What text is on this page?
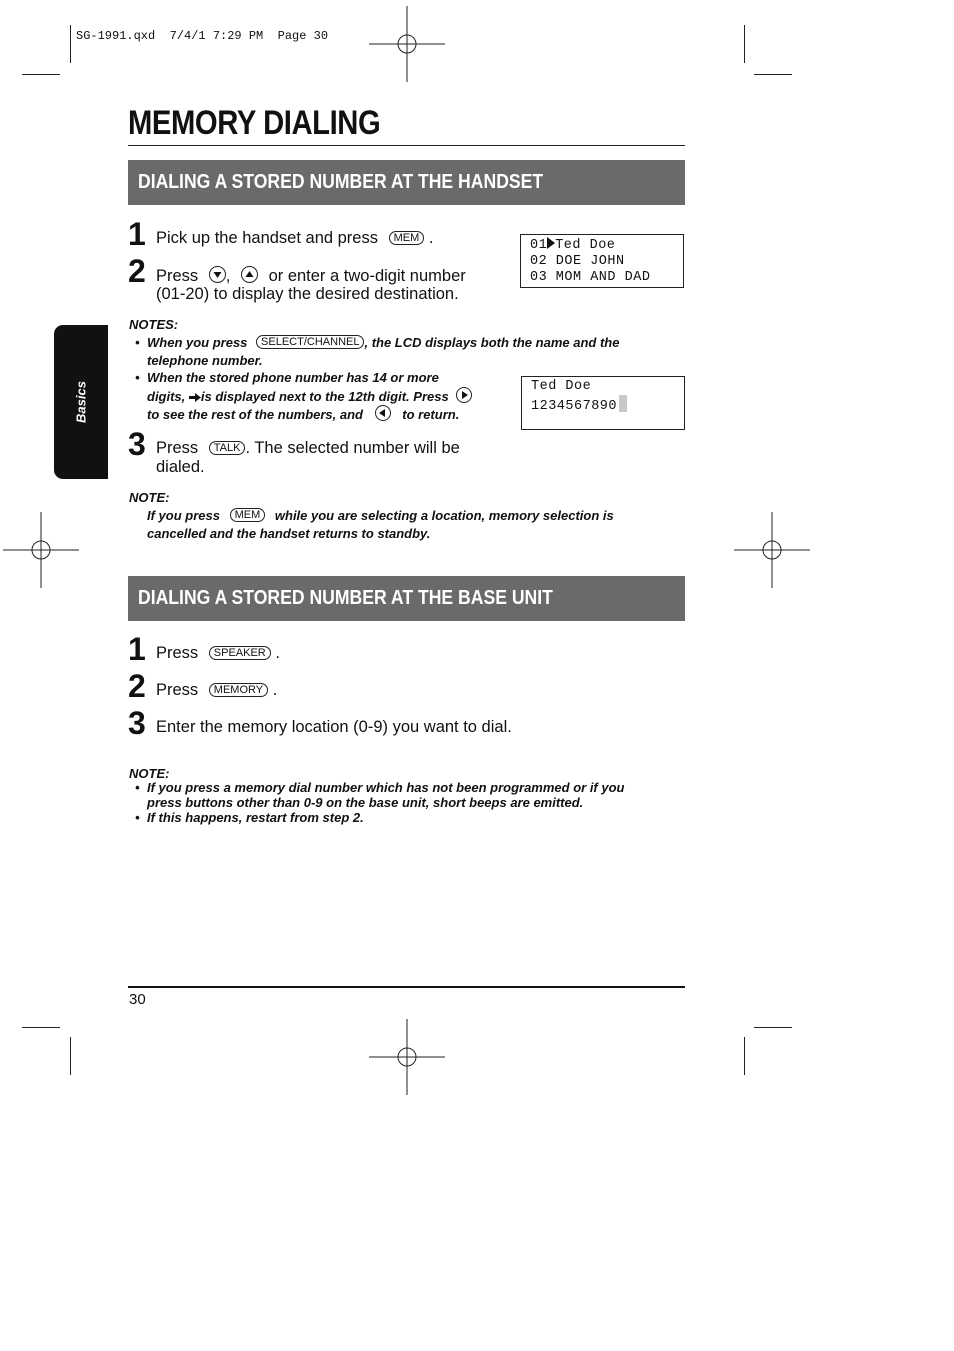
SG-1991.qxd  7/4/1 7:29 PM  Page 30
MEMORY DIALING
Basics
DIALING A STORED NUMBER AT THE HANDSET
1 Pick up the handset and press MEM .
2 Press , or enter a two-digit number
(01-20) to display the desired destination.
01 Ted Doe
02 DOE JOHN
03 MOM AND DAD
NOTES:
• When you press SELECT/CHANNEL , the LCD displays both the name and the
telephone number.
• When the stored phone number has 14 or more
digits, is displayed next to the 12th digit. Press
to see the rest of the numbers, and	to return.
Ted Doe
1234567890
3 Press TALK . The selected number will be
dialed.
NOTE:
If you press MEM while you are selecting a location, memory selection is
cancelled and the handset returns to standby.
DIALING A STORED NUMBER AT THE BASE UNIT
1 Press SPEAKER .
2 Press MEMORY .
3 Enter the memory location (0-9) you want to dial.
NOTE:
• If you press a memory dial number which has not been programmed or if you
press buttons other than 0-9 on the base unit, short beeps are emitted.
• If this happens, restart from step 2.
30
